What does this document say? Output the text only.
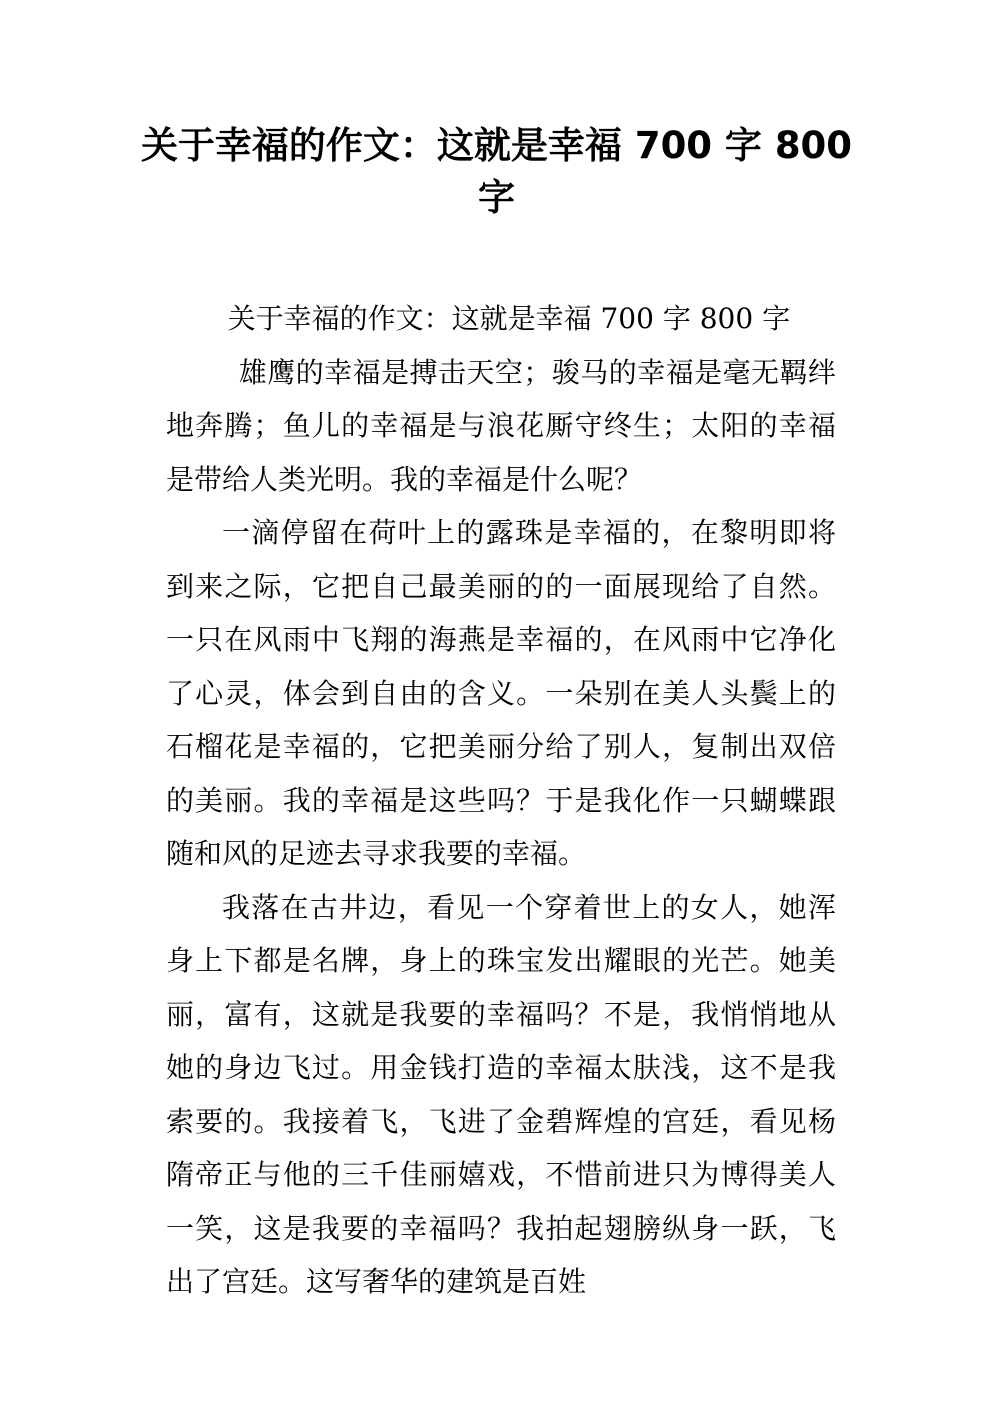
关于幸福的作文：这就是幸福 700 字 800 字

关于幸福的作文：这就是幸福 700 字 800 字

雄鹰的幸福是搏击天空；骏马的幸福是毫无羁绊地奔腾；鱼儿的幸福是与浪花厮守终生；太阳的幸福是带给人类光明。我的幸福是什么呢？

一滴停留在荷叶上的露珠是幸福的，在黎明即将到来之际，它把自己最美丽的的一面展现给了自然。一只在风雨中飞翔的海燕是幸福的，在风雨中它净化了心灵，体会到自由的含义。一朵别在美人头鬓上的石榴花是幸福的，它把美丽分给了别人，复制出双倍的美丽。我的幸福是这些吗？于是我化作一只蝴蝶跟随和风的足迹去寻求我要的幸福。

我落在古井边，看见一个穿着世上的女人，她浑身上下都是名牌，身上的珠宝发出耀眼的光芒。她美丽，富有，这就是我要的幸福吗？不是，我悄悄地从她的身边飞过。用金钱打造的幸福太肤浅，这不是我索要的。我接着飞，飞进了金碧辉煌的宫廷，看见杨隋帝正与他的三千佳丽嬉戏，不惜前进只为博得美人一笑，这是我要的幸福吗？我拍起翅膀纵身一跃，飞出了宫廷。这写奢华的建筑是百姓
